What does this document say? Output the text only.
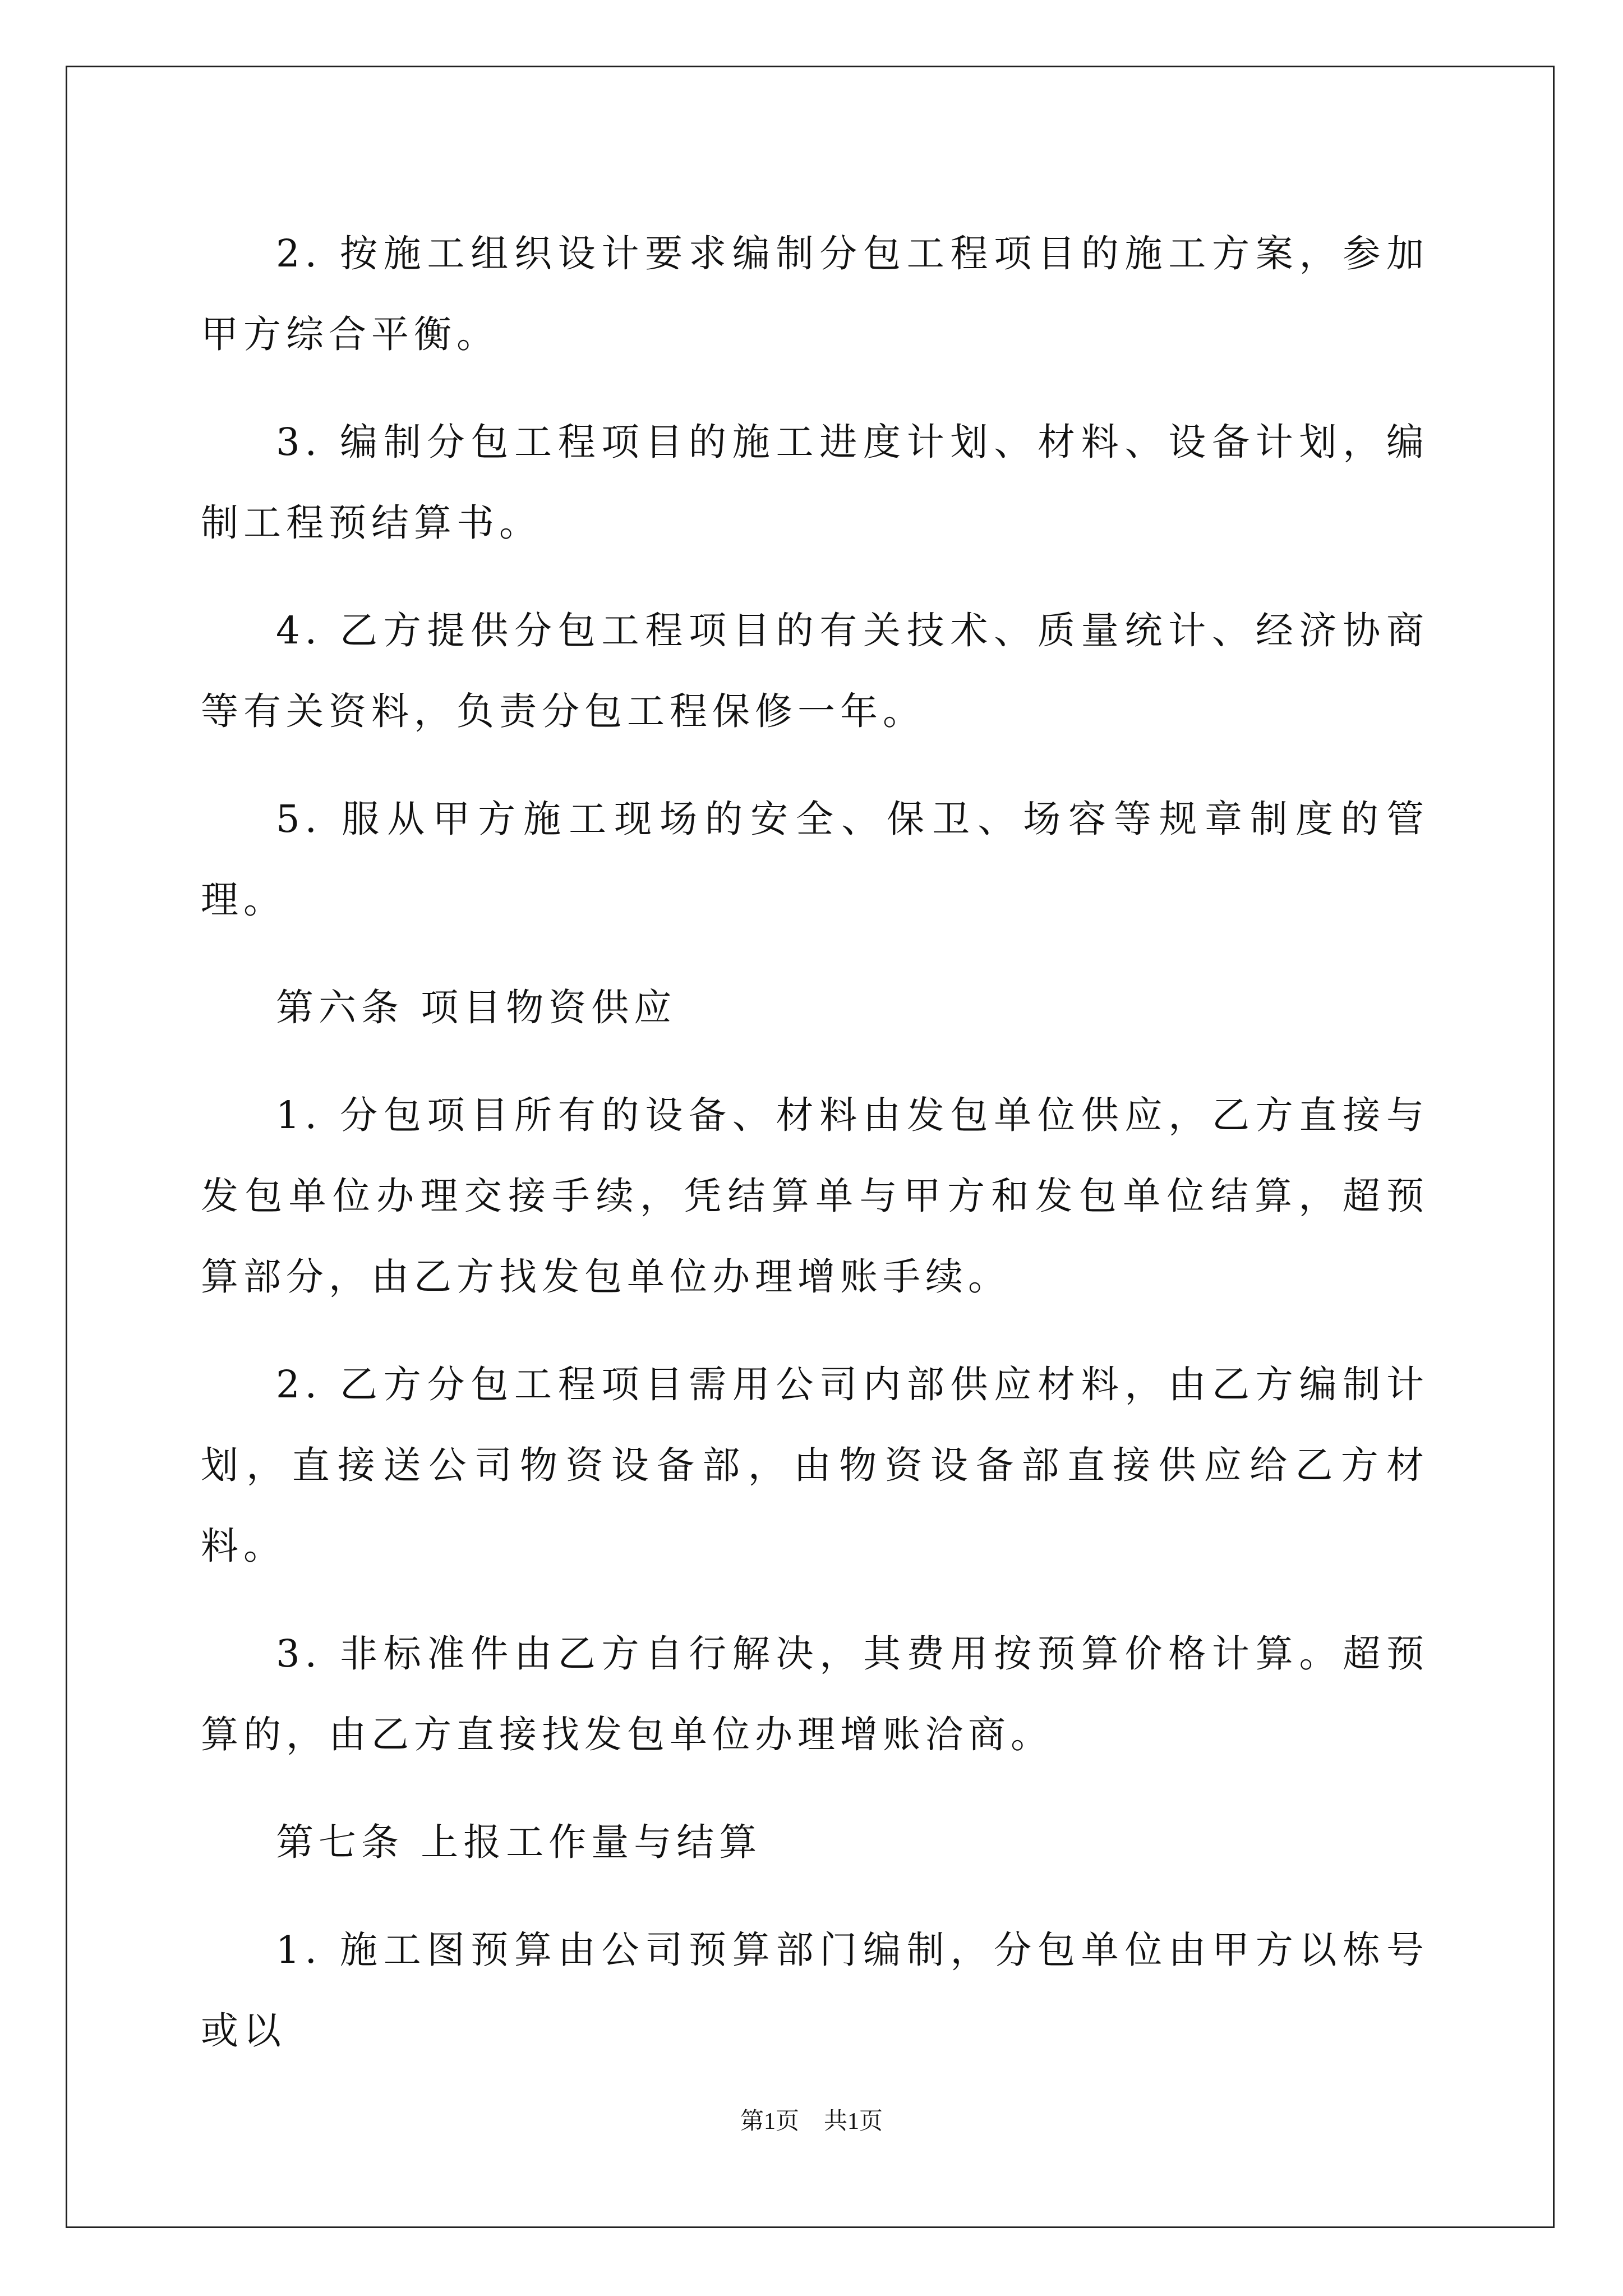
2. 按施工组织设计要求编制分包工程项目的施工方案，参加甲方综合平衡。

3. 编制分包工程项目的施工进度计划、材料、设备计划，编制工程预结算书。

4. 乙方提供分包工程项目的有关技术、质量统计、经济协商等有关资料，负责分包工程保修一年。

5. 服从甲方施工现场的安全、保卫、场容等规章制度的管理。

第六条 项目物资供应

1. 分包项目所有的设备、材料由发包单位供应，乙方直接与发包单位办理交接手续，凭结算单与甲方和发包单位结算，超预算部分，由乙方找发包单位办理增账手续。

2. 乙方分包工程项目需用公司内部供应材料，由乙方编制计划，直接送公司物资设备部，由物资设备部直接供应给乙方材料。

3. 非标准件由乙方自行解决，其费用按预算价格计算。超预算的，由乙方直接找发包单位办理增账洽商。

第七条 上报工作量与结算

1. 施工图预算由公司预算部门编制，分包单位由甲方以栋号或以

第1页 共1页
